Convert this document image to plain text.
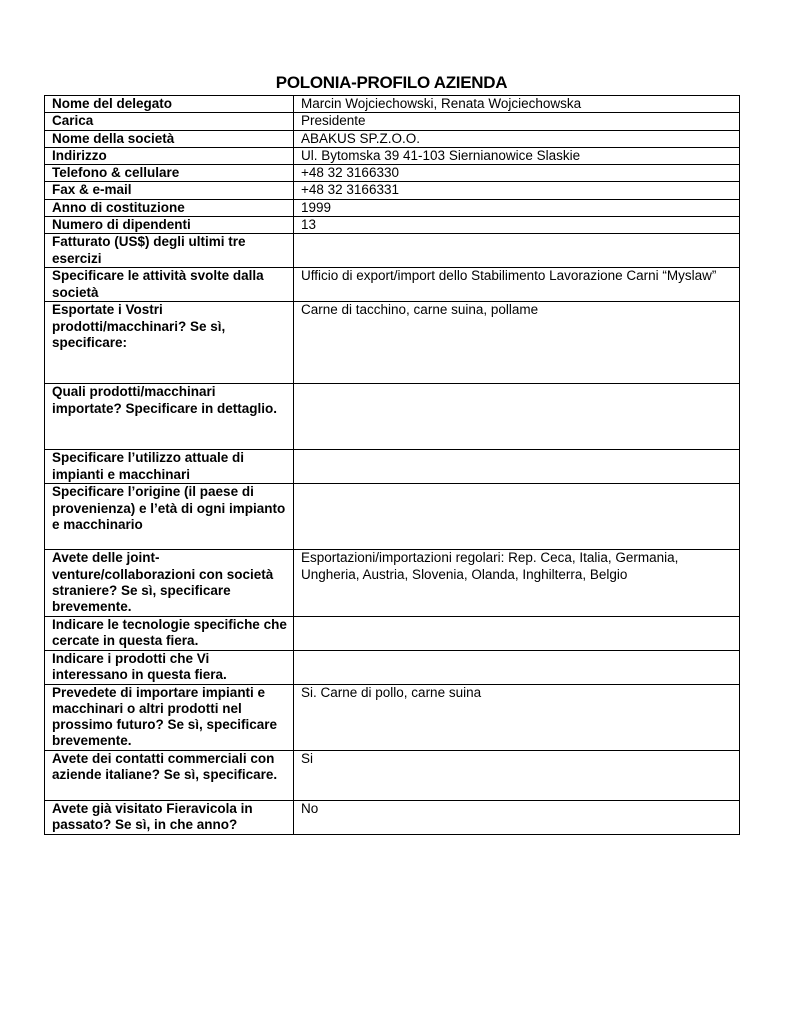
POLONIA-PROFILO AZIENDA
Nome del delegato	Marcin Wojciechowski, Renata Wojciechowska
Carica	Presidente
Nome della società	ABAKUS SP.Z.O.O.
Indirizzo	Ul. Bytomska 39 41-103 Siernianowice Slaskie
Telefono & cellulare	+48 32 3166330
Fax & e-mail	+48 32 3166331
Anno di costituzione	1999
Numero di dipendenti	13
Fatturato (US$) degli ultimi tre esercizi	
Specificare le attività svolte dalla società	Ufficio di export/import dello Stabilimento Lavorazione Carni “Myslaw”
Esportate i Vostri prodotti/macchinari? Se sì, specificare:	Carne di tacchino, carne suina, pollame
Quali prodotti/macchinari importate? Specificare in dettaglio.	
Specificare l’utilizzo attuale di impianti e macchinari	
Specificare l’origine (il paese di provenienza) e l’età di ogni impianto e macchinario	
Avete delle joint-venture/collaborazioni con società straniere? Se sì, specificare brevemente.	Esportazioni/importazioni regolari: Rep. Ceca, Italia, Germania, Ungheria, Austria, Slovenia, Olanda, Inghilterra, Belgio
Indicare le tecnologie specifiche che cercate in questa fiera.	
Indicare i prodotti che Vi interessano in questa fiera.	
Prevedete di importare impianti e macchinari o altri prodotti nel prossimo futuro? Se sì, specificare brevemente.	Si. Carne di pollo, carne suina
Avete dei contatti commerciali con aziende italiane? Se sì, specificare.	Si
Avete già visitato Fieravicola in passato? Se sì, in che anno?	No
